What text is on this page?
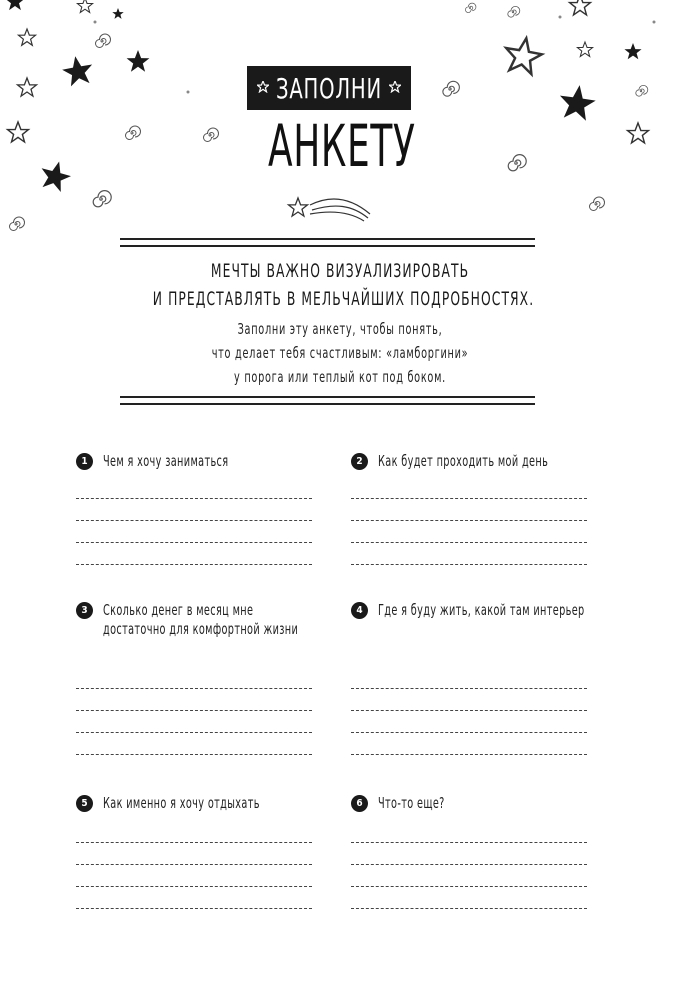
ЗАПОЛНИ
АНКЕТУ
МЕЧТЫ ВАЖНО ВИЗУАЛИЗИРОВАТЬ
И ПРЕДСТАВЛЯТЬ В МЕЛЬЧАЙШИХ ПОДРОБНОСТЯХ.
Заполни эту анкету, чтобы понять,
что делает тебя счастливым: «ламборгини»
у порога или теплый кот под боком.
1	Чем я хочу заниматься	2	Как будет проходить мой день
3	Сколько денег в месяц мне достаточно для комфортной жизни
4	Где я буду жить, какой там интерьер
5	Как именно я хочу отдыхать	6	Что-то еще?
